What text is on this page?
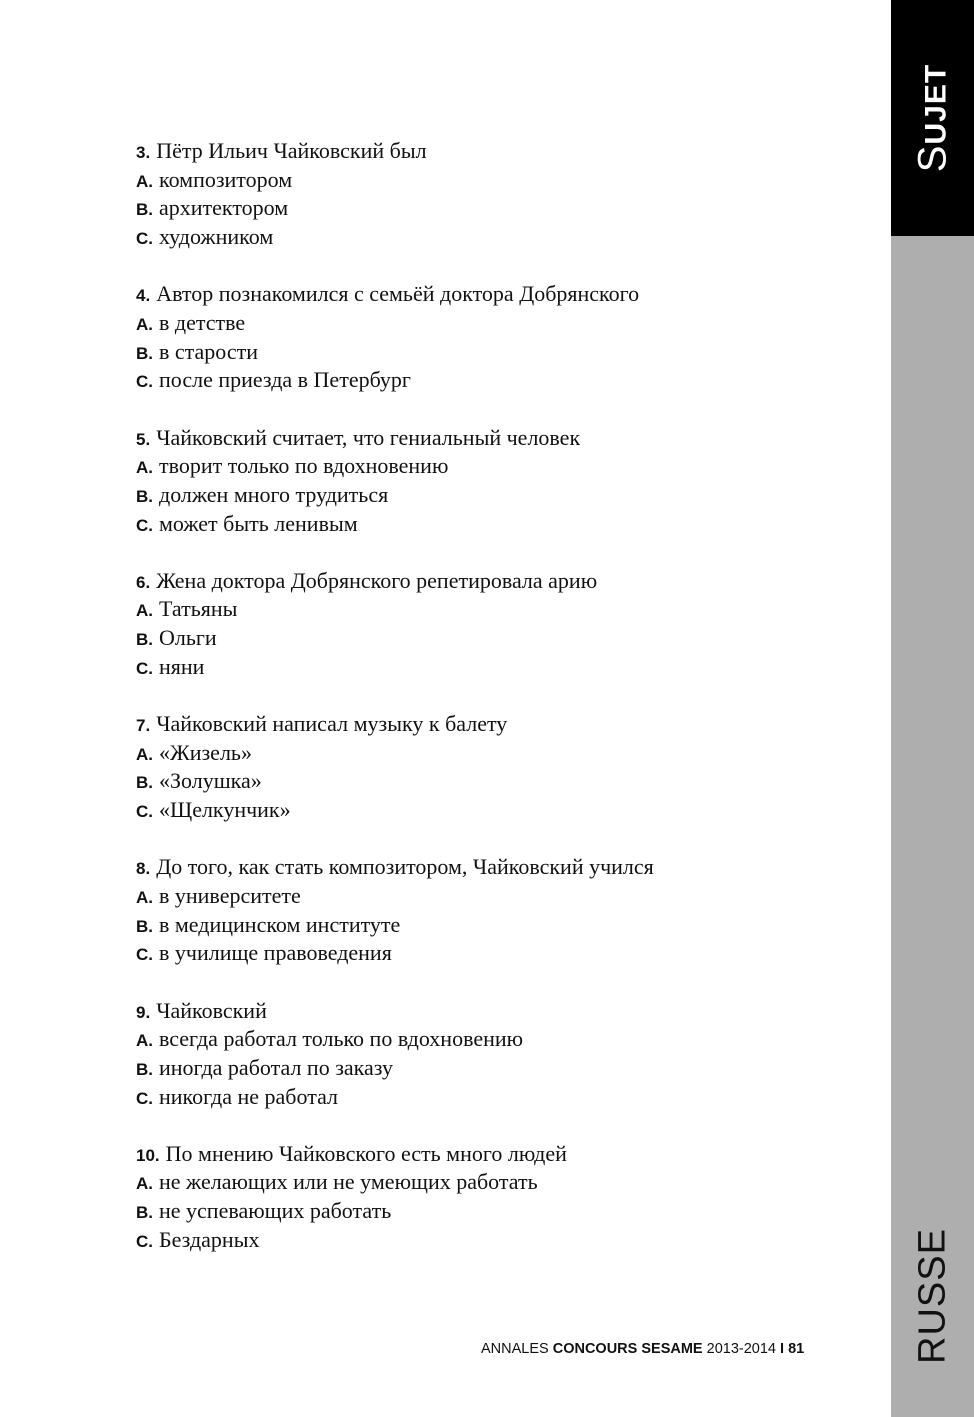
SUJET
RUSSE
3. Пётр Ильич Чайковский был
A. композитором
B. архитектором
C. художником
4. Автор познакомился с семьёй доктора Добрянского
A. в детстве
B. в старости
C. после приезда в Петербург
5. Чайковский считает, что гениальный человек
A. творит только по вдохновению
B. должен много трудиться
C. может быть ленивым
6. Жена доктора Добрянского репетировала арию
A. Татьяны
B. Ольги
C. няни
7. Чайковский написал музыку к балету
A. «Жизель»
B. «Золушка»
C. «Щелкунчик»
8. До того, как стать композитором, Чайковский учился
A. в университете
B. в медицинском институте
C. в училище правоведения
9. Чайковский
A. всегда работал только по вдохновению
B. иногда работал по заказу
C. никогда не работал
10. По мнению Чайковского есть много людей
A. не желающих или не умеющих работать
B. не успевающих работать
C. Бездарных
ANNALES CONCOURS SESAME 2013-2014 I 81
